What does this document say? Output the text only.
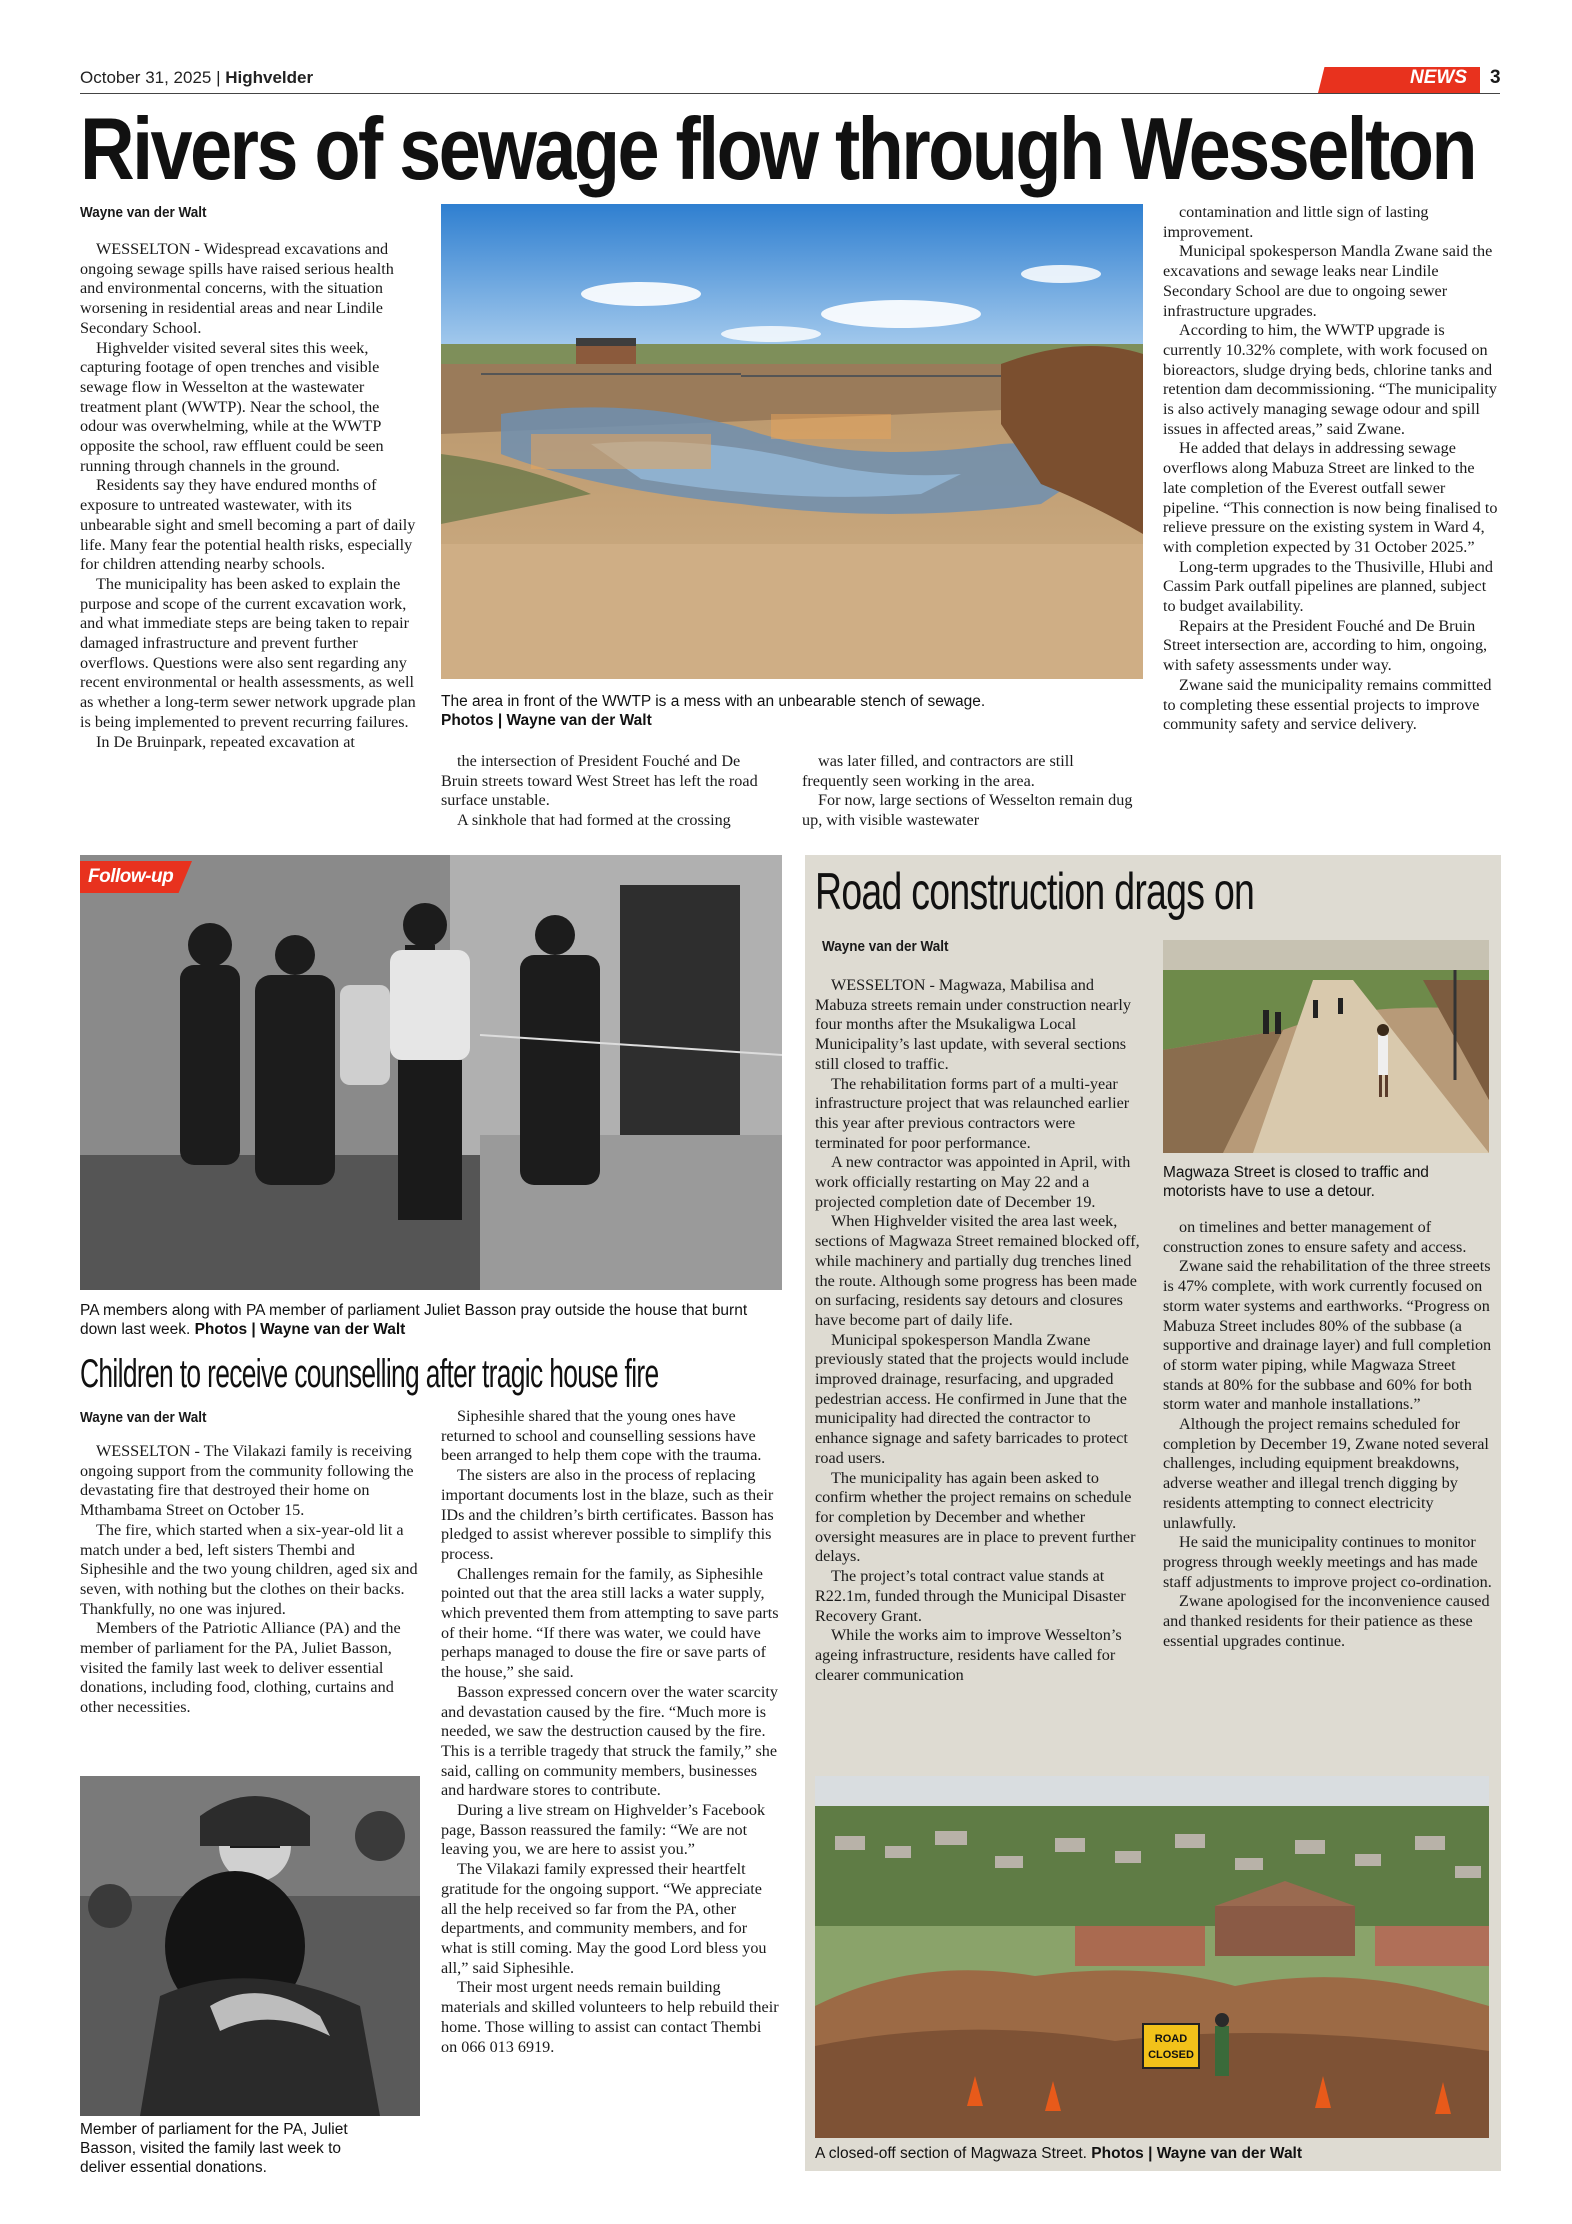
October 31, 2025 | Highvelder	NEWS 3
Rivers of sewage flow through Wesselton
Wayne van der Walt

WESSELTON - Widespread excavations and ongoing sewage spills have raised serious health and environmental concerns, with the situation worsening in residential areas and near Lindile Secondary School.

Highvelder visited several sites this week, capturing footage of open trenches and visible sewage flow in Wesselton at the wastewater treatment plant (WWTP). Near the school, the odour was overwhelming, while at the WWTP opposite the school, raw effluent could be seen running through channels in the ground.

Residents say they have endured months of exposure to untreated wastewater, with its unbearable sight and smell becoming a part of daily life. Many fear the potential health risks, especially for children attending nearby schools.

The municipality has been asked to explain the purpose and scope of the current excavation work, and what immediate steps are being taken to repair damaged infrastructure and prevent further overflows. Questions were also sent regarding any recent environmental or health assessments, as well as whether a long-term sewer network upgrade plan is being implemented to prevent recurring failures.

In De Bruinpark, repeated excavation at

The area in front of the WWTP is a mess with an unbearable stench of sewage.
Photos | Wayne van der Walt

the intersection of President Fouché and De Bruin streets toward West Street has left the road surface unstable.

A sinkhole that had formed at the crossing

was later filled, and contractors are still frequently seen working in the area.

For now, large sections of Wesselton remain dug up, with visible wastewater

contamination and little sign of lasting improvement.

Municipal spokesperson Mandla Zwane said the excavations and sewage leaks near Lindile Secondary School are due to ongoing sewer infrastructure upgrades.

According to him, the WWTP upgrade is currently 10.32% complete, with work focused on bioreactors, sludge drying beds, chlorine tanks and retention dam decommissioning. “The municipality is also actively managing sewage odour and spill issues in affected areas,” said Zwane.

He added that delays in addressing sewage overflows along Mabuza Street are linked to the late completion of the Everest outfall sewer pipeline. “This connection is now being finalised to relieve pressure on the existing system in Ward 4, with completion expected by 31 October 2025.”

Long-term upgrades to the Thusiville, Hlubi and Cassim Park outfall pipelines are planned, subject to budget availability.

Repairs at the President Fouché and De Bruin Street intersection are, according to him, ongoing, with safety assessments under way.

Zwane said the municipality remains committed to completing these essential projects to improve community safety and service delivery.

Follow-up
PA members along with PA member of parliament Juliet Basson pray outside the house that burnt down last week. Photos | Wayne van der Walt
Children to receive counselling after tragic house fire
Wayne van der Walt

WESSELTON - The Vilakazi family is receiving ongoing support from the community following the devastating fire that destroyed their home on Mthambama Street on October 15.

The fire, which started when a six-year-old lit a match under a bed, left sisters Thembi and Siphesihle and the two young children, aged six and seven, with nothing but the clothes on their backs. Thankfully, no one was injured.

Members of the Patriotic Alliance (PA) and the member of parliament for the PA, Juliet Basson, visited the family last week to deliver essential donations, including food, clothing, curtains and other necessities.

Siphesihle shared that the young ones have returned to school and counselling sessions have been arranged to help them cope with the trauma.

The sisters are also in the process of replacing important documents lost in the blaze, such as their IDs and the children’s birth certificates. Basson has pledged to assist wherever possible to simplify this process.

Challenges remain for the family, as Siphesihle pointed out that the area still lacks a water supply, which prevented them from attempting to save parts of their home. “If there was water, we could have perhaps managed to douse the fire or save parts of the house,” she said.

Basson expressed concern over the water scarcity and devastation caused by the fire. “Much more is needed, we saw the destruction caused by the fire. This is a terrible tragedy that struck the family,” she said, calling on community members, businesses and hardware stores to contribute.

During a live stream on Highvelder’s Facebook page, Basson reassured the family: “We are not leaving you, we are here to assist you.”

The Vilakazi family expressed their heartfelt gratitude for the ongoing support. “We appreciate all the help received so far from the PA, other departments, and community members, and for what is still coming. May the good Lord bless you all,” said Siphesihle.

Their most urgent needs remain building materials and skilled volunteers to help rebuild their home. Those willing to assist can contact Thembi on 066 013 6919.

Member of parliament for the PA, Juliet Basson, visited the family last week to deliver essential donations.
Road construction drags on
Wayne van der Walt

WESSELTON - Magwaza, Mabilisa and Mabuza streets remain under construction nearly four months after the Msukaligwa Local Municipality’s last update, with several sections still closed to traffic.

The rehabilitation forms part of a multi-year infrastructure project that was relaunched earlier this year after previous contractors were terminated for poor performance.

A new contractor was appointed in April, with work officially restarting on May 22 and a projected completion date of December 19.

When Highvelder visited the area last week, sections of Magwaza Street remained blocked off, while machinery and partially dug trenches lined the route. Although some progress has been made on surfacing, residents say detours and closures have become part of daily life.

Municipal spokesperson Mandla Zwane previously stated that the projects would include improved drainage, resurfacing, and upgraded pedestrian access. He confirmed in June that the municipality had directed the contractor to enhance signage and safety barricades to protect road users.

The municipality has again been asked to confirm whether the project remains on schedule for completion by December and whether oversight measures are in place to prevent further delays.

The project’s total contract value stands at R22.1m, funded through the Municipal Disaster Recovery Grant.

While the works aim to improve Wesselton’s ageing infrastructure, residents have called for clearer communication

Magwaza Street is closed to traffic and motorists have to use a detour.

on timelines and better management of construction zones to ensure safety and access.

Zwane said the rehabilitation of the three streets is 47% complete, with work currently focused on storm water systems and earthworks. “Progress on Mabuza Street includes 80% of the subbase (a supportive and drainage layer) and full completion of storm water piping, while Magwaza Street stands at 80% for the subbase and 60% for both storm water and manhole installations.”

Although the project remains scheduled for completion by December 19, Zwane noted several challenges, including equipment breakdowns, adverse weather and illegal trench digging by residents attempting to connect electricity unlawfully.

He said the municipality continues to monitor progress through weekly meetings and has made staff adjustments to improve project co-ordination.

Zwane apologised for the inconvenience caused and thanked residents for their patience as these essential upgrades continue.

ROAD
CLOSED
A closed-off section of Magwaza Street. Photos | Wayne van der Walt
